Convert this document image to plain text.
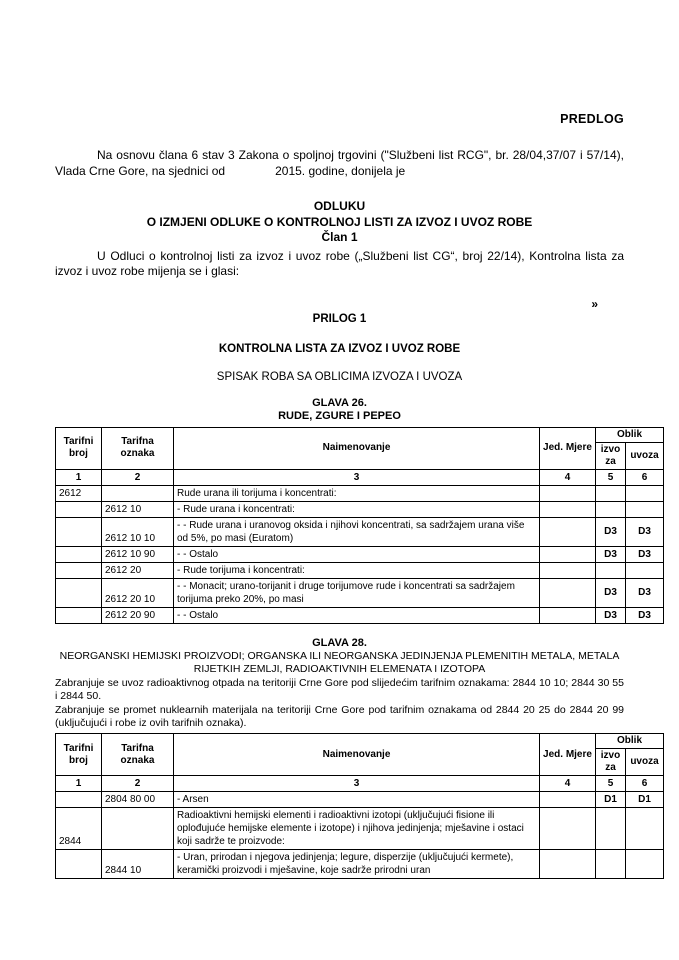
PREDLOG

Na osnovu člana 6 stav 3 Zakona o spoljnoj trgovini ("Službeni list RCG", br. 28/04,37/07 i 57/14), Vlada Crne Gore, na sjednici od               2015. godine, donijela je

ODLUKU
O IZMJENI ODLUKE O KONTROLNOJ LISTI ZA IZVOZ I UVOZ ROBE
Član 1

U Odluci o kontrolnoj listi za izvoz i uvoz robe („Službeni list CG“, broj 22/14), Kontrolna lista za izvoz i uvoz robe mijenja se i glasi:

»
PRILOG 1
KONTROLNA LISTA ZA IZVOZ I UVOZ ROBE
SPISAK ROBA SA OBLICIMA IZVOZA I UVOZA
GLAVA 26.
RUDE, ZGURE I PEPEO
Tarifni broj	Tarifna oznaka	Naimenovanje	Jed. Mjere	Oblik	
				izvoza	uvoza
1	2	3	4	5	6
2612		Rude urana ili torijuma i koncentrati:			
	2612 10	- Rude urana i koncentrati:			
	2612 10 10	- - Rude urana i uranovog oksida i njihovi koncentrati, sa sadržajem urana više od 5%, po masi (Euratom)		D3	D3
	2612 10 90	- - Ostalo		D3	D3
	2612 20	- Rude torijuma i koncentrati:			
	2612 20 10	- - Monacit; urano-torijanit i druge torijumove rude i koncentrati sa sadržajem torijuma preko 20%, po masi		D3	D3
	2612 20 90	- - Ostalo		D3	D3
GLAVA 28.
NEORGANSKI HEMIJSKI PROIZVODI; ORGANSKA ILI NEORGANSKA JEDINJENJA PLEMENITIH METALA, METALA RIJETKIH ZEMLJI, RADIOAKTIVNIH ELEMENATA I IZOTOPA

Zabranjuje se uvoz radioaktivnog otpada na teritoriji Crne Gore pod slijedećim tarifnim oznakama: 2844 10 10; 2844 30 55 i 2844 50.

Zabranjuje se promet nuklearnih materijala na teritoriji Crne Gore pod tarifnim oznakama od 2844 20 25 do 2844 20 99 (uključujući i robe iz ovih tarifnih oznaka).

Tarifni broj	Tarifna oznaka	Naimenovanje	Jed. Mjere	Oblik	
				izvoza	uvoza
1	2	3	4	5	6
	2804 80 00	- Arsen		D1	D1
2844		Radioaktivni hemijski elementi i radioaktivni izotopi (uključujući fisione ili oplođujuće hemijske elemente i izotope) i njihova jedinjenja; mješavine i ostaci koji sadrže te proizvode:			
	2844 10	- Uran, prirodan i njegova jedinjenja; legure, disperzije (uključujući kermete), keramički proizvodi i mješavine, koje sadrže prirodni uran			
